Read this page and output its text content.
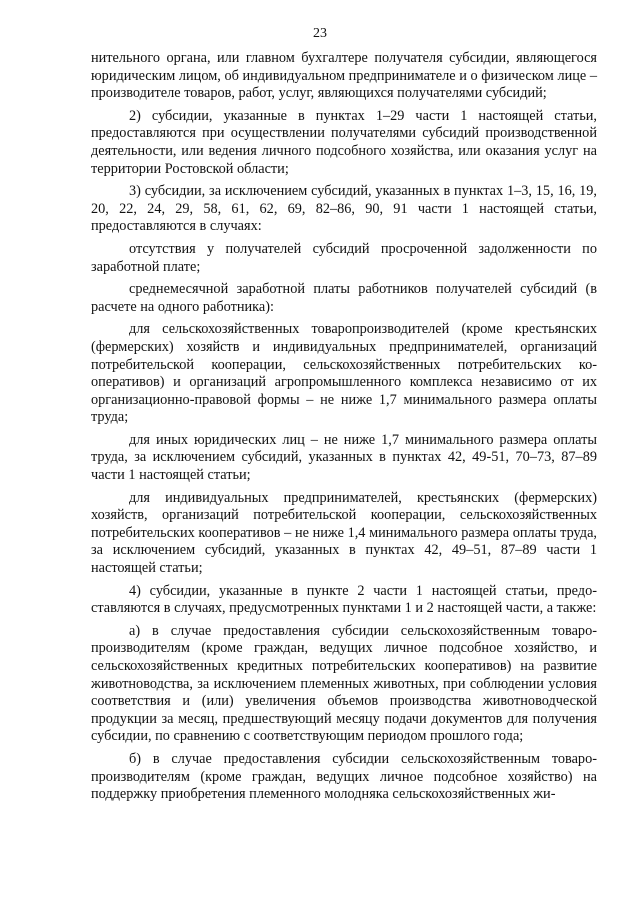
23

нительного органа, или главном бухгалтере получателя субсидии, являющегося юридическим лицом, об индивидуальном предпринимателе и о физическом лице – производителе товаров, работ, услуг, являющихся получателями субсидий;

2) субсидии, указанные в пунктах 1–29 части 1 настоящей статьи, предоставляются при осуществлении получателями субсидий производственной деятельности, или ведения личного подсобного хозяйства, или оказания услуг на территории Ростовской области;

3) субсидии, за исключением субсидий, указанных в пунктах 1–3, 15, 16, 19, 20, 22, 24, 29, 58, 61, 62, 69, 82–86, 90, 91 части 1 настоящей статьи, предоставляются в случаях:

отсутствия у получателей субсидий просроченной задолженности по заработной плате;

среднемесячной заработной платы работников получателей субсидий (в расчете на одного работника):

для сельскохозяйственных товаропроизводителей (кроме крестьянских (фермерских) хозяйств и индивидуальных предпринимателей, организаций потребительской кооперации, сельскохозяйственных потребительских кооперативов) и организаций агропромышленного комплекса независимо от их организационно-правовой формы – не ниже 1,7 минимального размера оплаты труда;

для иных юридических лиц – не ниже 1,7 минимального размера оплаты труда, за исключением субсидий, указанных в пунктах 42, 49-51, 70–73, 87–89 части 1 настоящей статьи;

для индивидуальных предпринимателей, крестьянских (фермерских) хозяйств, организаций потребительской кооперации, сельскохозяйственных потребительских кооперативов – не ниже 1,4 минимального размера оплаты труда, за исключением субсидий, указанных в пунктах 42, 49–51, 87–89 части 1 настоящей статьи;

4) субсидии, указанные в пункте 2 части 1 настоящей статьи, предоставляются в случаях, предусмотренных пунктами 1 и 2 настоящей части, а также:

а) в случае предоставления субсидии сельскохозяйственным товаропроизводителям (кроме граждан, ведущих личное подсобное хозяйство, и сельскохозяйственных кредитных потребительских кооперативов) на развитие животноводства, за исключением племенных животных, при соблюдении условия соответствия и (или) увеличения объемов производства животноводческой продукции за месяц, предшествующий месяцу подачи документов для получения субсидии, по сравнению с соответствующим периодом прошлого года;

б) в случае предоставления субсидии сельскохозяйственным товаропроизводителям (кроме граждан, ведущих личное подсобное хозяйство) на поддержку приобретения племенного молодняка сельскохозяйственных жи-
